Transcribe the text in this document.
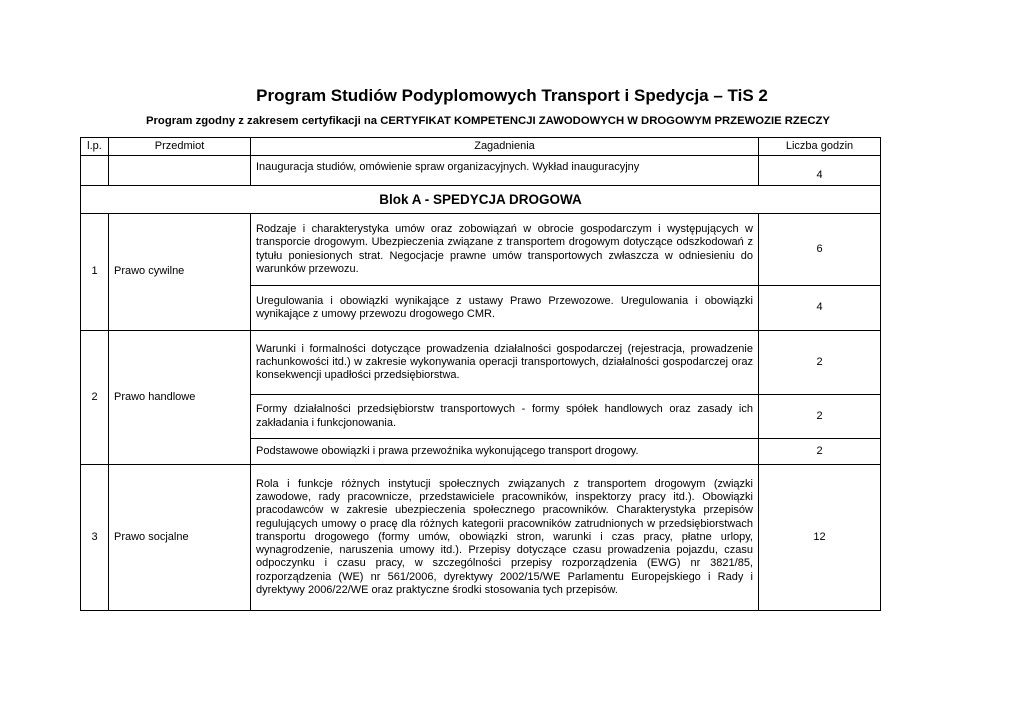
Program Studiów Podyplomowych Transport i Spedycja – TiS 2
Program zgodny z zakresem certyfikacji na CERTYFIKAT KOMPETENCJI ZAWODOWYCH W DROGOWYM PRZEWOZIE RZECZY
l.p.	Przedmiot	Zagadnienia	Liczba godzin

		Inauguracja studiów, omówienie spraw organizacyjnych. Wykład inauguracyjny	4

Blok A - SPEDYCJA DROGOWA			
1	Prawo cywilne	Rodzaje i charakterystyka umów oraz zobowiązań w obrocie gospodarczym i występujących w transporcie drogowym. Ubezpieczenia związane z transportem drogowym dotyczące odszkodowań z tytułu poniesionych strat. Negocjacje prawne umów transportowych zwłaszcza w odniesieniu do warunków przewozu.	6
		Uregulowania i obowiązki wynikające z ustawy Prawo Przewozowe. Uregulowania i obowiązki wynikające z umowy przewozu drogowego CMR.	4
2	Prawo handlowe	Warunki i formalności dotyczące prowadzenia działalności gospodarczej (rejestracja, prowadzenie rachunkowości itd.) w zakresie wykonywania operacji transportowych, działalności gospodarczej oraz konsekwencji upadłości przedsiębiorstwa.	2
		Formy działalności przedsiębiorstw transportowych - formy spółek handlowych oraz zasady ich zakładania i funkcjonowania.	2
		Podstawowe obowiązki i prawa przewoźnika wykonującego transport drogowy.	2
3	Prawo socjalne	Rola i funkcje różnych instytucji społecznych związanych z transportem drogowym (związki zawodowe, rady pracownicze, przedstawiciele pracowników, inspektorzy pracy itd.). Obowiązki pracodawców w zakresie ubezpieczenia społecznego pracowników. Charakterystyka przepisów regulujących umowy o pracę dla różnych kategorii pracowników zatrudnionych w przedsiębiorstwach transportu drogowego (formy umów, obowiązki stron, warunki i czas pracy, płatne urlopy, wynagrodzenie, naruszenia umowy itd.). Przepisy dotyczące czasu prowadzenia pojazdu, czasu odpoczynku i czasu pracy, w szczególności przepisy rozporządzenia (EWG) nr 3821/85, rozporządzenia (WE) nr 561/2006, dyrektywy 2002/15/WE Parlamentu Europejskiego i Rady i dyrektywy 2006/22/WE oraz praktyczne środki stosowania tych przepisów.	12
